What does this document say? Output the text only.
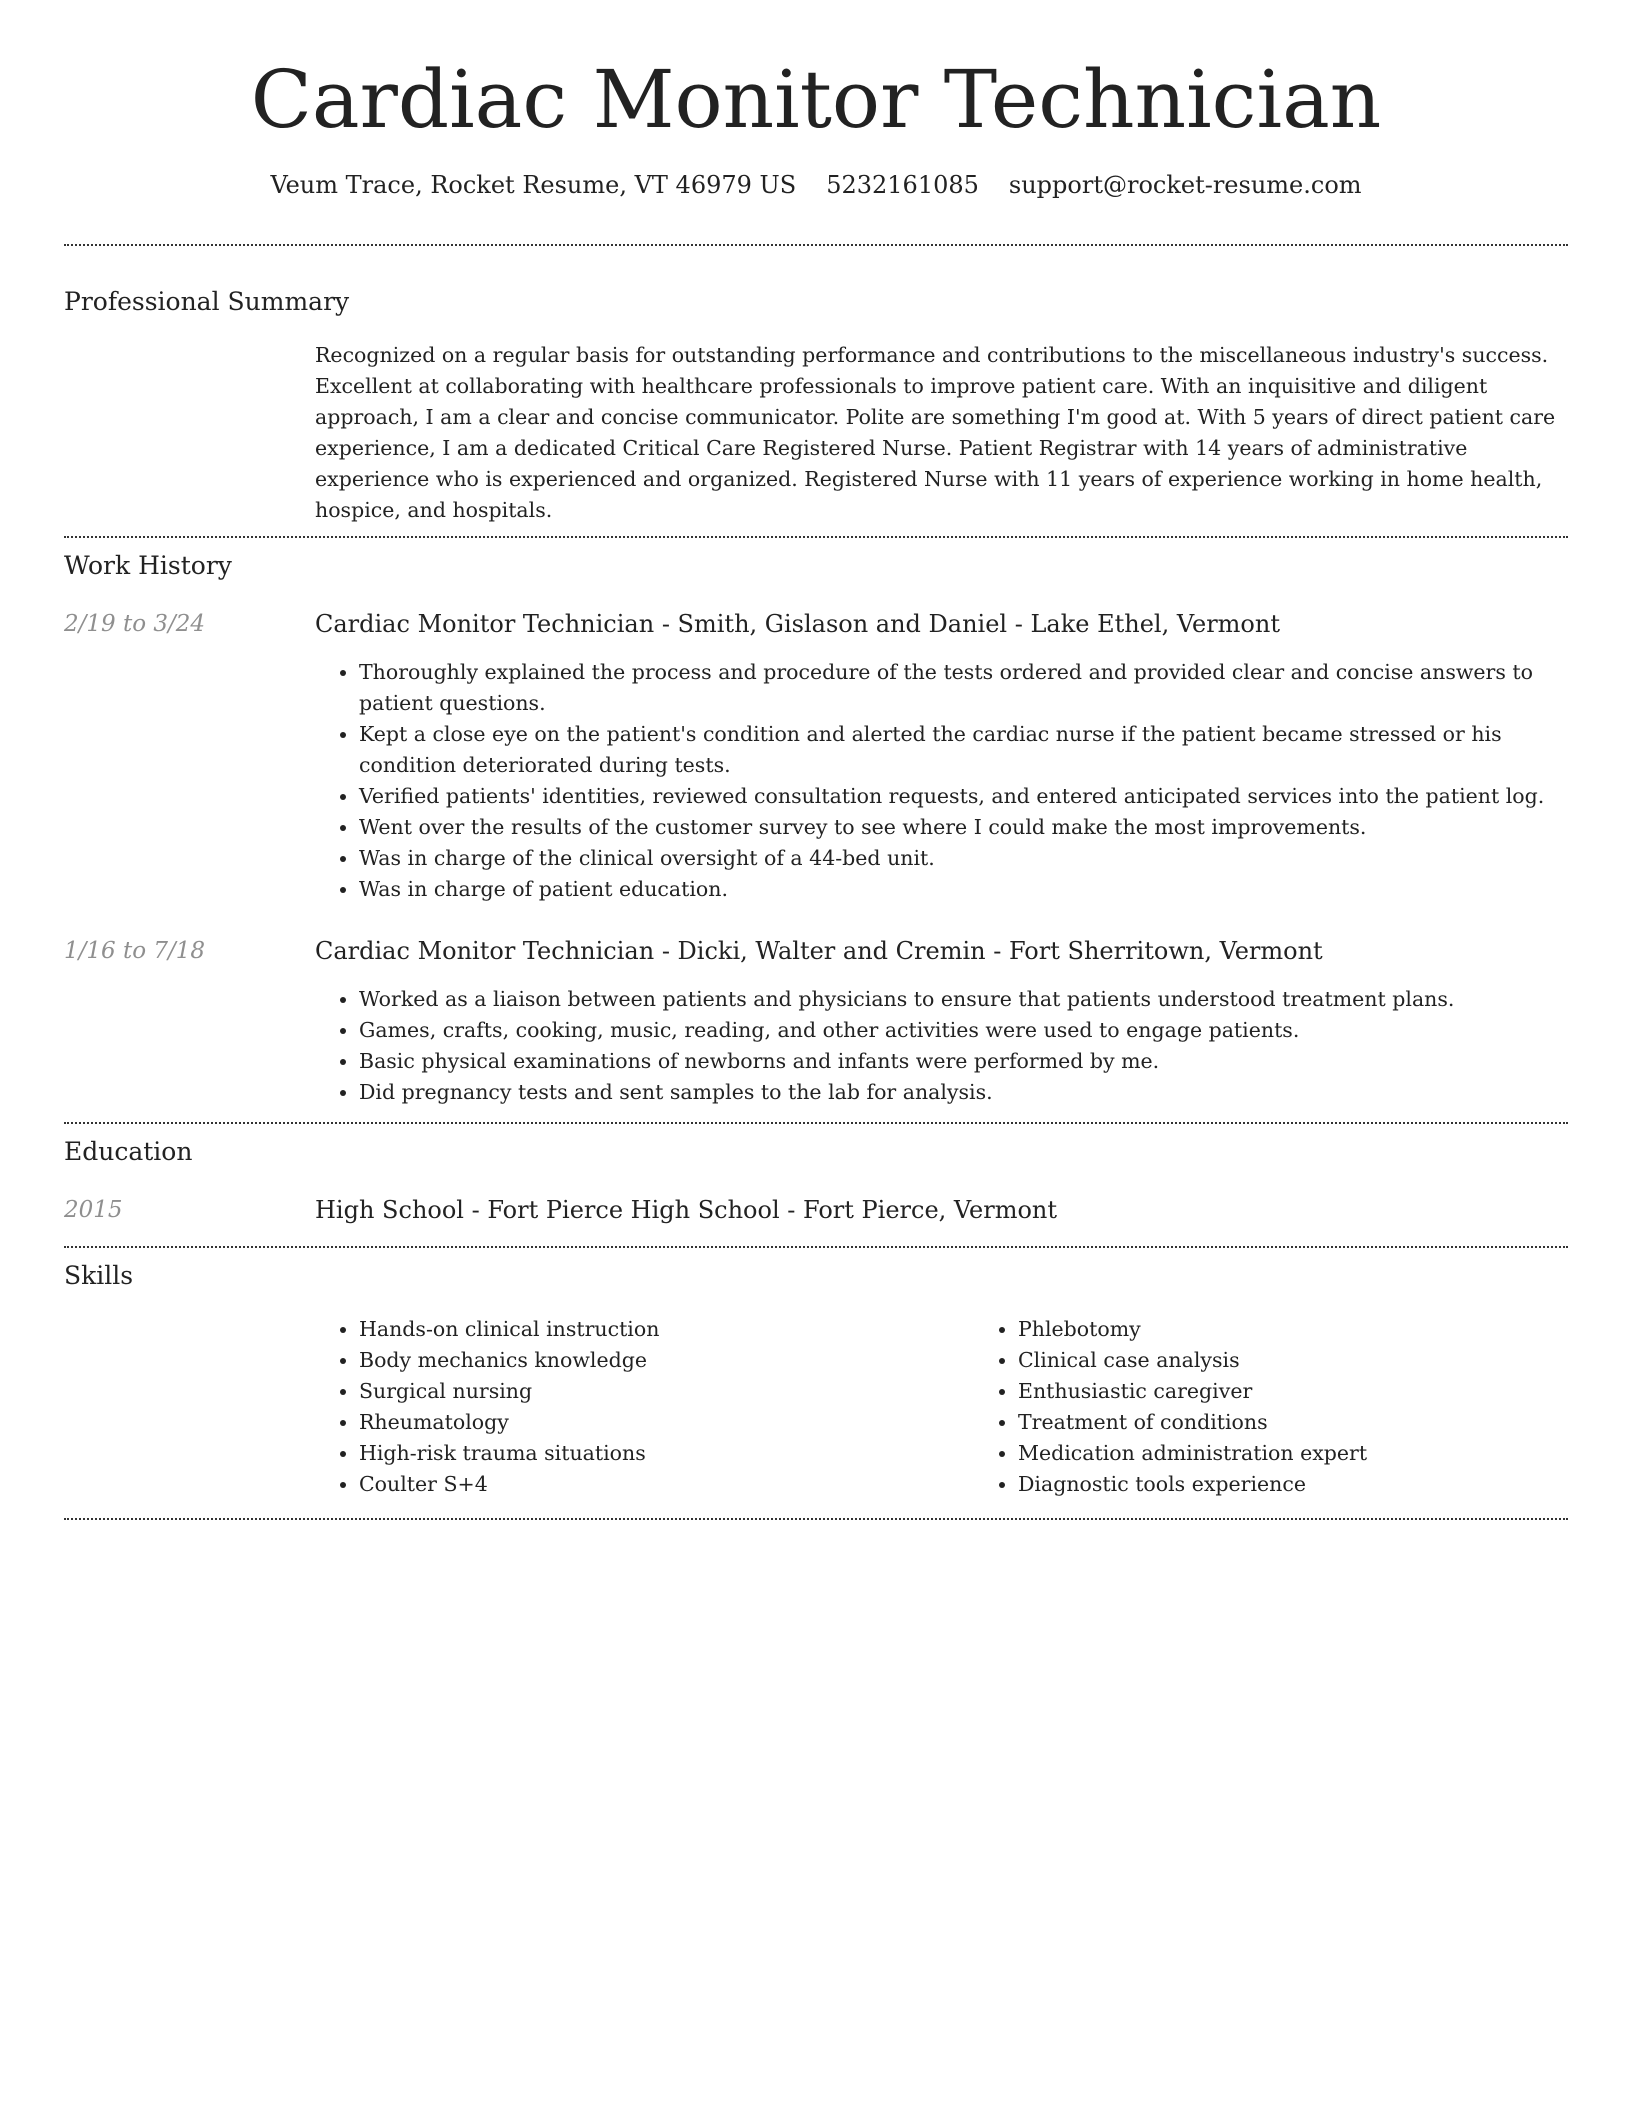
Cardiac Monitor Technician
Veum Trace, Rocket Resume, VT 46979 US 5232161085 support@rocket-resume.com
Professional Summary
Recognized on a regular basis for outstanding performance and contributions to the miscellaneous industry's success. Excellent at collaborating with healthcare professionals to improve patient care. With an inquisitive and diligent approach, I am a clear and concise communicator. Polite are something I'm good at. With 5 years of direct patient care experience, I am a dedicated Critical Care Registered Nurse. Patient Registrar with 14 years of administrative experience who is experienced and organized. Registered Nurse with 11 years of experience working in home health, hospice, and hospitals.
Work History
2/19 to 3/24	Cardiac Monitor Technician - Smith, Gislason and Daniel - Lake Ethel, Vermont
• Thoroughly explained the process and procedure of the tests ordered and provided clear and concise answers to patient questions.
• Kept a close eye on the patient's condition and alerted the cardiac nurse if the patient became stressed or his condition deteriorated during tests.
• Verified patients' identities, reviewed consultation requests, and entered anticipated services into the patient log.
• Went over the results of the customer survey to see where I could make the most improvements.
• Was in charge of the clinical oversight of a 44-bed unit.
• Was in charge of patient education.
1/16 to 7/18	Cardiac Monitor Technician - Dicki, Walter and Cremin - Fort Sherritown, Vermont
• Worked as a liaison between patients and physicians to ensure that patients understood treatment plans.
• Games, crafts, cooking, music, reading, and other activities were used to engage patients.
• Basic physical examinations of newborns and infants were performed by me.
• Did pregnancy tests and sent samples to the lab for analysis.
Education
2015	High School - Fort Pierce High School - Fort Pierce, Vermont
Skills
• Hands-on clinical instruction
• Body mechanics knowledge
• Surgical nursing
• Rheumatology
• High-risk trauma situations
• Coulter S+4
• Phlebotomy
• Clinical case analysis
• Enthusiastic caregiver
• Treatment of conditions
• Medication administration expert
• Diagnostic tools experience
